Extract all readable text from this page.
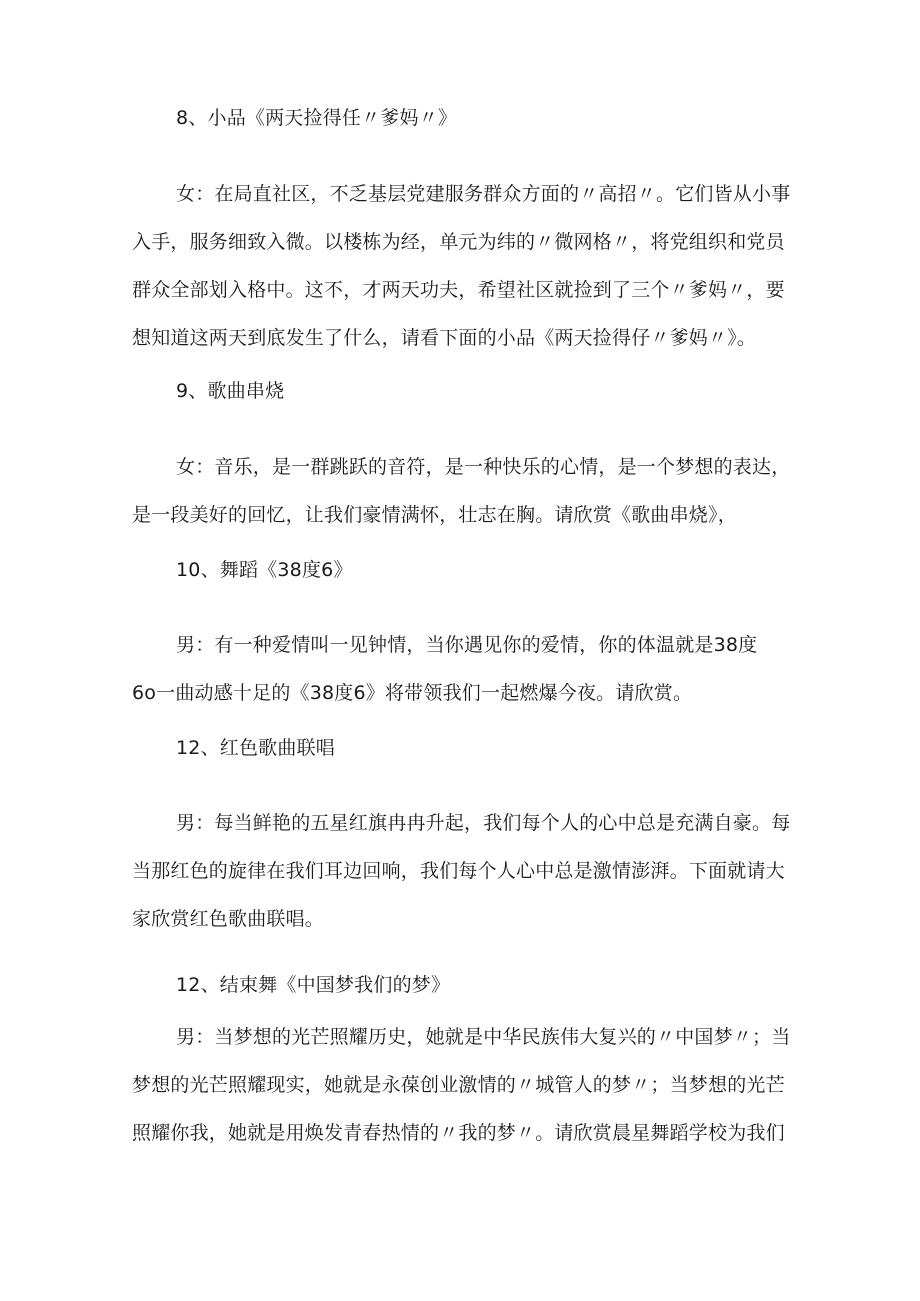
8、小品《两天捡得任〃爹妈〃》
女：在局直社区，不乏基层党建服务群众方面的〃高招〃。它们皆从小事
入手，服务细致入微。以楼栋为经，单元为纬的〃微网格〃，将党组织和党员
群众全部划入格中。这不，才两天功夫，希望社区就捡到了三个〃爹妈〃，要
想知道这两天到底发生了什么，请看下面的小品《两天捡得仔〃爹妈〃》。
9、歌曲串烧
女：音乐，是一群跳跃的音符，是一种快乐的心情，是一个梦想的表达，
是一段美好的回忆，让我们豪情满怀，壮志在胸。请欣赏《歌曲串烧》，
10、舞蹈《38度6》
男：有一种爱情叫一见钟情，当你遇见你的爱情，你的体温就是38度
6o一曲动感十足的《38度6》将带领我们一起燃爆今夜。请欣赏。
12、红色歌曲联唱
男：每当鲜艳的五星红旗冉冉升起，我们每个人的心中总是充满自豪。每
当那红色的旋律在我们耳边回响，我们每个人心中总是激情澎湃。下面就请大
家欣赏红色歌曲联唱。
12、结束舞《中国梦我们的梦》
男：当梦想的光芒照耀历史，她就是中华民族伟大复兴的〃中国梦〃；当
梦想的光芒照耀现实，她就是永葆创业激情的〃城管人的梦〃；当梦想的光芒
照耀你我，她就是用焕发青春热情的〃我的梦〃。请欣赏晨星舞蹈学校为我们
